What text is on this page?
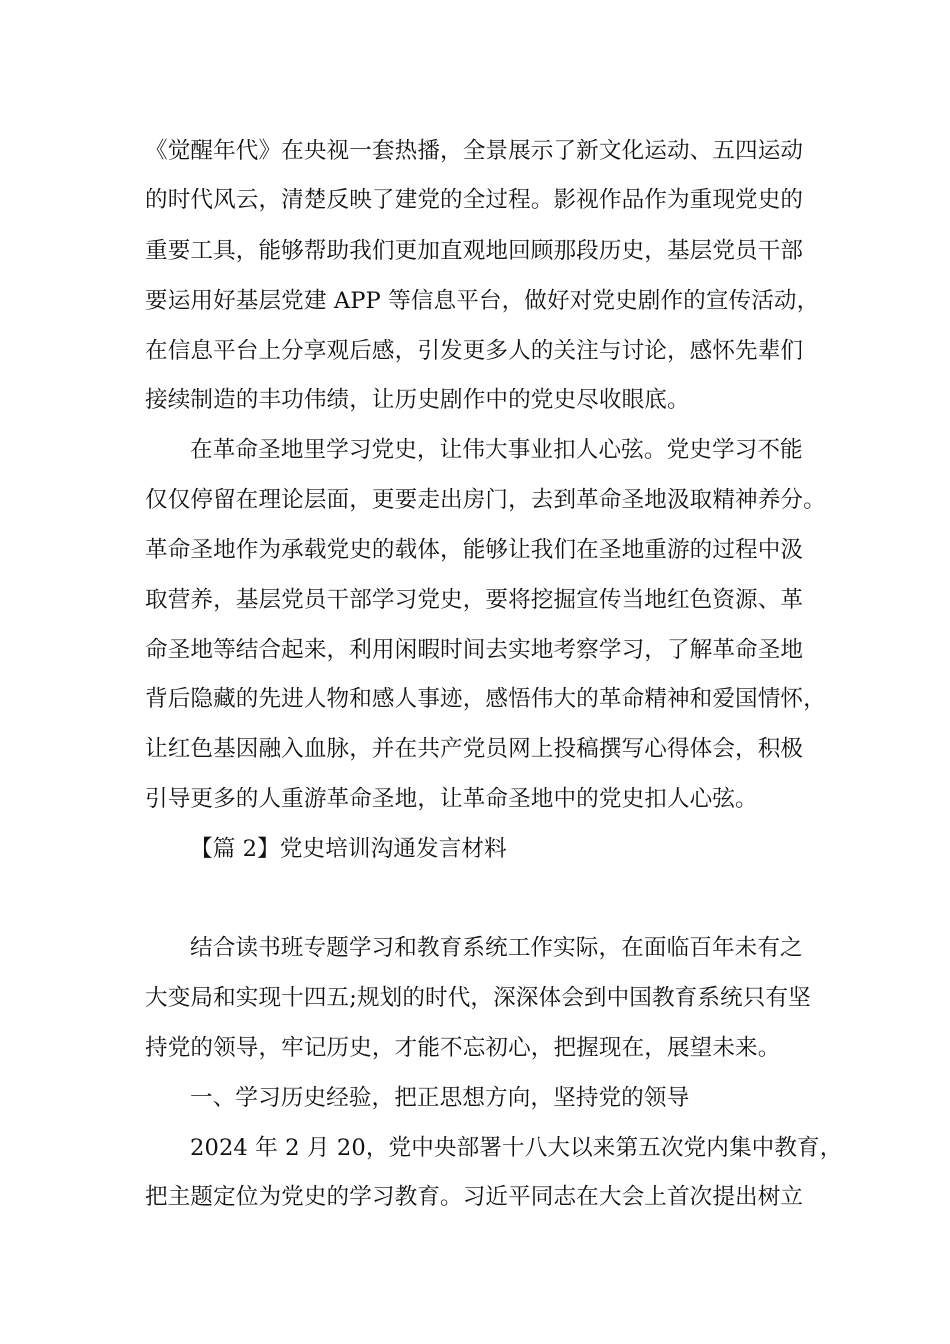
《觉醒年代》在央视一套热播，全景展示了新文化运动、五四运动
的时代风云，清楚反映了建党的全过程。影视作品作为重现党史的
重要工具，能够帮助我们更加直观地回顾那段历史，基层党员干部
要运用好基层党建 APP 等信息平台，做好对党史剧作的宣传活动，
在信息平台上分享观后感，引发更多人的关注与讨论，感怀先辈们
接续制造的丰功伟绩，让历史剧作中的党史尽收眼底。
在革命圣地里学习党史，让伟大事业扣人心弦。党史学习不能
仅仅停留在理论层面，更要走出房门，去到革命圣地汲取精神养分。
革命圣地作为承载党史的载体，能够让我们在圣地重游的过程中汲
取营养，基层党员干部学习党史，要将挖掘宣传当地红色资源、革
命圣地等结合起来，利用闲暇时间去实地考察学习，了解革命圣地
背后隐藏的先进人物和感人事迹，感悟伟大的革命精神和爱国情怀，
让红色基因融入血脉，并在共产党员网上投稿撰写心得体会，积极
引导更多的人重游革命圣地，让革命圣地中的党史扣人心弦。
【篇 2】党史培训沟通发言材料
结合读书班专题学习和教育系统工作实际，在面临百年未有之
大变局和实现十四五;规划的时代，深深体会到中国教育系统只有坚
持党的领导，牢记历史，才能不忘初心，把握现在，展望未来。
一、学习历史经验，把正思想方向，坚持党的领导
2024 年 2 月 20，党中央部署十八大以来第五次党内集中教育，
把主题定位为党史的学习教育。习近平同志在大会上首次提出树立
